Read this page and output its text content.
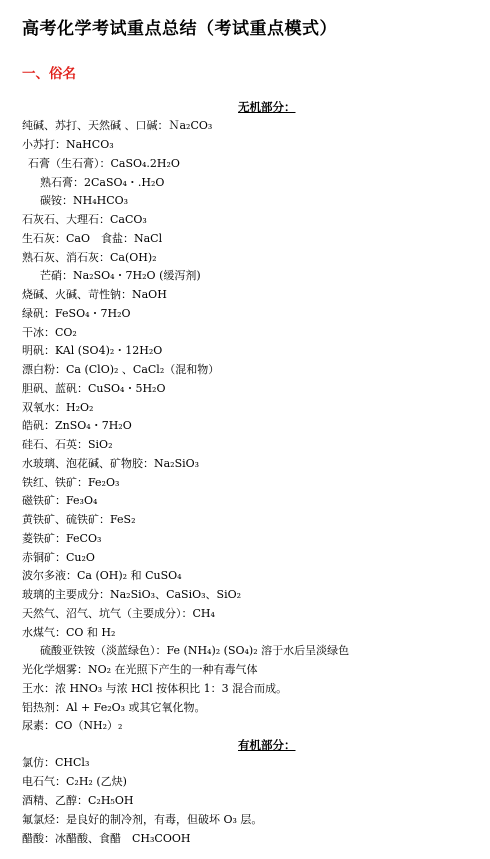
高考化学考试重点总结（考试重点模式）
一、俗名
无机部分：
纯碱、苏打、天然碱 、口碱：Ｎa₂CO₃
小苏打：NaHCO₃
石膏（生石膏）：CaSO₄.2H₂O
熟石膏：2CaSO₄・.H₂O
碳铵：NH₄HCO₃
石灰石、大理石：CaCO₃
生石灰：CaO　食盐：NaCl
熟石灰、消石灰：Ca(OH)₂
芒硝：Na₂SO₄・7H₂O (缓泻剂)
烧碱、火碱、苛性钠：NaOH
绿矾：FeSO₄・7H₂O
干冰：CO₂
明矾：KAl (SO4)₂・12H₂O
漂白粉：Ca (ClO)₂ 、CaCl₂（混和物）
胆矾、蓝矾：CuSO₄・5H₂O
双氧水：H₂O₂
皓矾：ZnSO₄・7H₂O
硅石、石英：SiO₂
水玻璃、泡花碱、矿物胶：Na₂SiO₃
铁红、铁矿：Fe₂O₃
磁铁矿：Fe₃O₄
黄铁矿、硫铁矿：FeS₂
菱铁矿：FeCO₃
赤铜矿：Cu₂O
波尔多液：Ca (OH)₂ 和 CuSO₄
玻璃的主要成分：Na₂SiO₃、CaSiO₃、SiO₂
天然气、沼气、坑气（主要成分）：CH₄
水煤气：CO 和 H₂
硫酸亚铁铵（淡蓝绿色）：Fe (NH₄)₂ (SO₄)₂ 溶于水后呈淡绿色
光化学烟雾：NO₂ 在光照下产生的一种有毒气体
王水：浓 HNO₃ 与浓 HCl 按体积比 1：3 混合而成。
铝热剂：Al + Fe₂O₃ 或其它氧化物。
尿素：CO（NH₂）₂
有机部分：
氯仿：CHCl₃
电石气：C₂H₂ (乙炔)
酒精、乙醇：C₂H₅OH
氟氯烃：是良好的制冷剂，有毒，但破坏 O₃ 层。
醋酸：冰醋酸、食醋　CH₃COOH
